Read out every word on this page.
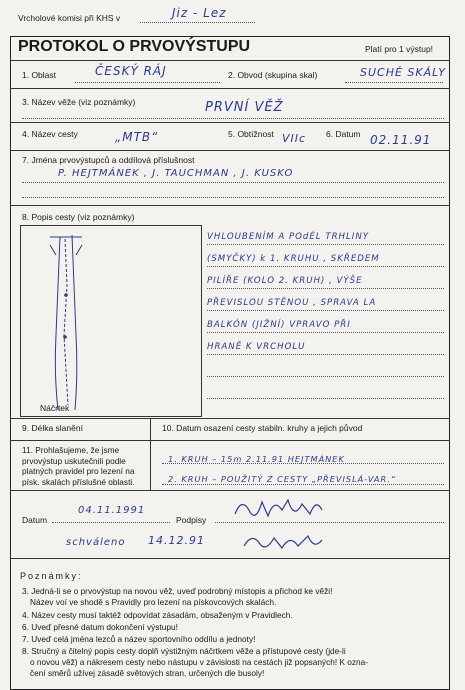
Vrcholové komisi při KHS v	Jiz - Lez
PROTOKOL O PRVOVÝSTUPU	Platí pro 1 výstup!
1. Oblast	ČESKÝ RÁJ	2. Obvod (skupina skal)	SUCHÉ SKÁLY
3. Název věže (viz poznámky)	PRVNÍ VĚŽ
4. Název cesty	„MTB“	5. Obtížnost VIIc 6. Datum 02.11.91
7. Jména prvovýstupců a oddílová příslušnost
P. HEJTMÁNEK , J. TAUCHMAN , J. KUSKO
8. Popis cesty (viz poznámky)
Náčrtek
VHLOUBENÍM A POdÉL TRHLINY
(SMYČKY) k 1. KRUHU , SKŘEDEM
PILÍŘE (KOLO 2. KRUH) , VÝŠE
PŘEVISLOU STĚNOU , SPRAVA LA
BALKÓN (JIŽNÍ) VPRAVO PŘI
HRANĚ K VRCHOLU
9. Délka slanění	10. Datum osazení cesty stabiln. kruhy a jejich původ
1. KRUH – 15m 2.11.91 HEJTMÁNEK
2. KRUH – POUŽITÝ Z CESTY „PŘEVISLÁ-VAR.“
11. Prohlašujeme, že jsme prvovýstup uskutečnili podle platných pravidel pro lezení na písk. skalách příslušné oblasti.
Datum
04.11.1991
Podpisy
schváleno 14.12.91
Poznámky:
3. Jedná-li se o prvovýstup na novou věž, uveď podrobný místopis a přichod ke věži!
Název voí ve shodě s Pravidly pro lezení na pískovcových skalách.
4. Název cesty musí taktéž odpovídat zásadám, obsaženým v Pravidlech.
6. Uveď přesné datum dokončení výstupu!
7. Uveď celá jména lezců a název sportovního oddílu a jednoty!
8. Stručný a čitelný popis cesty doplň výstižným náčrtkem věže a přístupové cesty (jde-li
o novou věž) a nákresem cesty nebo nástupu v závislosti na cestách již popsaných! K ozna-
čení směrů užívej zásadě světových stran, určených dle busoly!
